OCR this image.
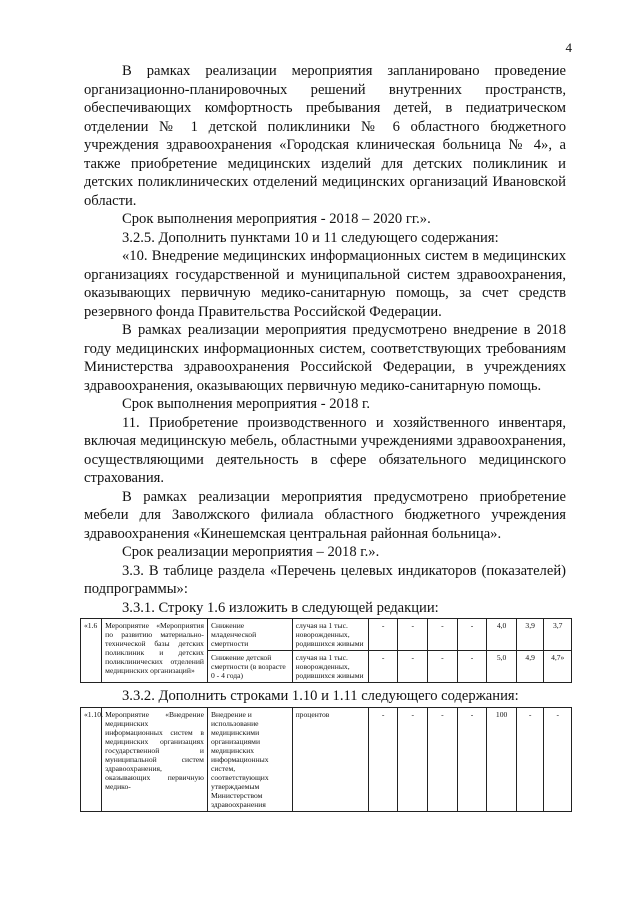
4

В рамках реализации мероприятия запланировано проведение организационно-планировочных решений внутренних пространств, обеспечивающих комфортность пребывания детей, в педиатрическом отделении № 1 детской поликлиники № 6 областного бюджетного учреждения здравоохранения «Городская клиническая больница № 4», а также приобретение медицинских изделий для детских поликлиник и детских поликлинических отделений медицинских организаций Ивановской области.

Срок выполнения мероприятия - 2018 – 2020 гг.».

3.2.5. Дополнить пунктами 10 и 11 следующего содержания:

«10. Внедрение медицинских информационных систем в медицинских организациях государственной и муниципальной систем здравоохранения, оказывающих первичную медико-санитарную помощь, за счет средств резервного фонда Правительства Российской Федерации.

В рамках реализации мероприятия предусмотрено внедрение в 2018 году медицинских информационных систем, соответствующих требованиям Министерства здравоохранения Российской Федерации, в учреждениях здравоохранения, оказывающих первичную медико-санитарную помощь.

Срок выполнения мероприятия - 2018 г.

11. Приобретение производственного и хозяйственного инвентаря, включая медицинскую мебель, областными учреждениями здравоохранения, осуществляющими деятельность в сфере обязательного медицинского страхования.

В рамках реализации мероприятия предусмотрено приобретение мебели для Заволжского филиала областного бюджетного учреждения здравоохранения «Кинешемская центральная районная больница».

Срок реализации мероприятия – 2018 г.».

3.3. В таблице раздела «Перечень целевых индикаторов (показателей) подпрограммы»:

3.3.1. Строку 1.6 изложить в следующей редакции:

«1.6	Мероприятие «Мероприятия по развитию материально-технической базы детских поликлиник и детских поликлинических отделений медицинских организаций»	Снижение младенческой смертности	случая на 1 тыс. новорожденных, родившихся живыми	-	-	-	-	4,0	3,9	3,7
		Снижение детской смертности (в возрасте 0 - 4 года)	случая на 1 тыс. новорожденных, родившихся живыми	-	-	-	-	5,0	4,9	4,7»

3.3.2. Дополнить строками 1.10 и 1.11 следующего содержания:

«1.10.	Мероприятие «Внедрение медицинских информационных систем в медицинских организациях государственной и муниципальной систем здравоохранения, оказывающих первичную медико-	Внедрение и использование медицинскими организациями медицинских информационных систем, соответствующих утверждаемым Министерством здравоохранения	процентов	-	-	-	-	100	-	-
